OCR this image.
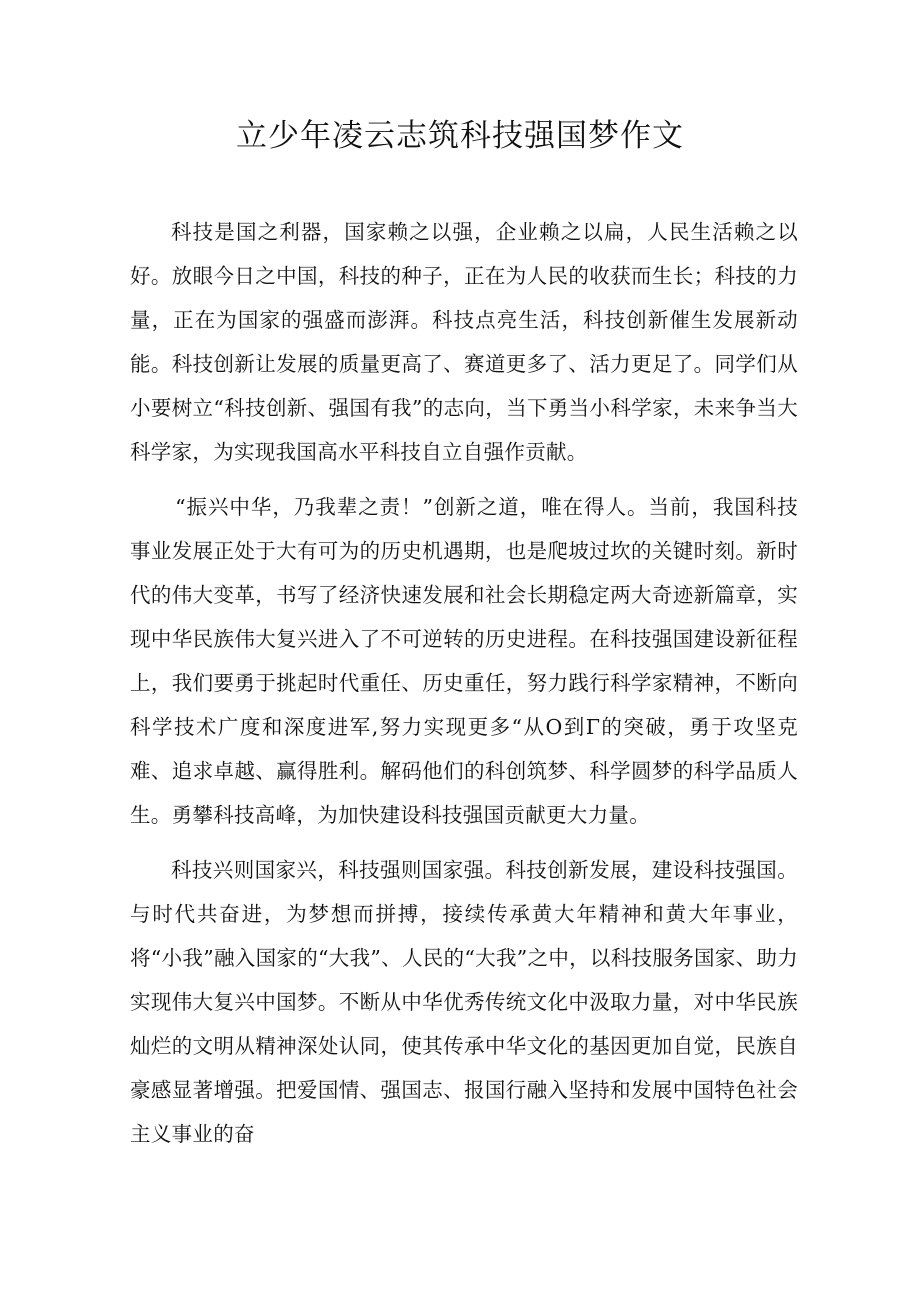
立少年凌云志筑科技强国梦作文

科技是国之利器，国家赖之以强，企业赖之以扁，人民生活赖之以好。放眼今日之中国，科技的种子，正在为人民的收获而生长；科技的力量，正在为国家的强盛而澎湃。科技点亮生活，科技创新催生发展新动能。科技创新让发展的质量更高了、赛道更多了、活力更足了。同学们从小要树立“科技创新、强国有我”的志向，当下勇当小科学家，未来争当大科学家，为实现我国高水平科技自立自强作贡献。

“振兴中华，乃我辈之责！”创新之道，唯在得人。当前，我国科技事业发展正处于大有可为的历史机遇期，也是爬坡过坎的关键时刻。新时代的伟大变革，书写了经济快速发展和社会长期稳定两大奇迹新篇章，实现中华民族伟大复兴进入了不可逆转的历史进程。在科技强国建设新征程上，我们要勇于挑起时代重任、历史重任，努力践行科学家精神，不断向科学技术广度和深度进军,努力实现更多“从O到Γ的突破，勇于攻坚克难、追求卓越、赢得胜利。解码他们的科创筑梦、科学圆梦的科学品质人生。勇攀科技高峰，为加快建设科技强国贡献更大力量。

科技兴则国家兴，科技强则国家强。科技创新发展，建设科技强国。与时代共奋进，为梦想而拼搏，接续传承黄大年精神和黄大年事业，将“小我”融入国家的“大我”、人民的“大我”之中，以科技服务国家、助力实现伟大复兴中国梦。不断从中华优秀传统文化中汲取力量，对中华民族灿烂的文明从精神深处认同，使其传承中华文化的基因更加自觉，民族自豪感显著增强。把爱国情、强国志、报国行融入坚持和发展中国特色社会主义事业的奋
